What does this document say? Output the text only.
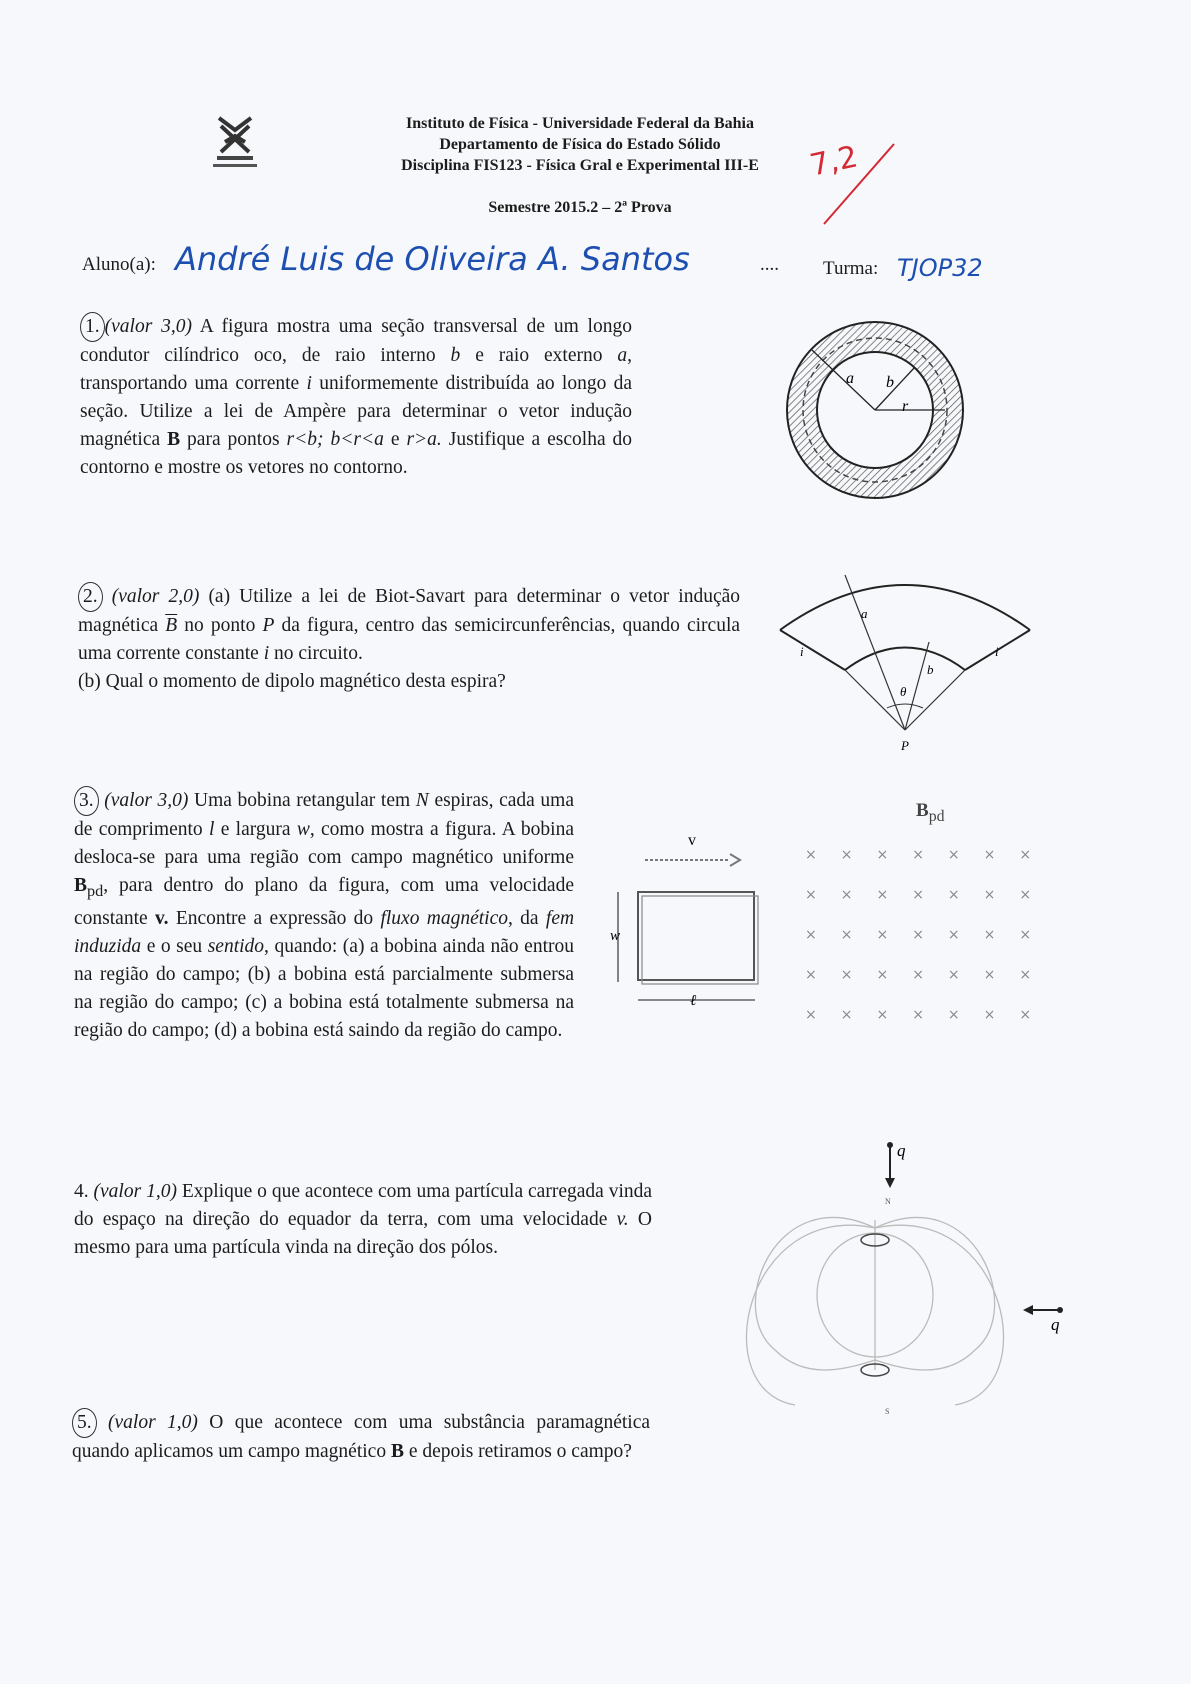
Instituto de Física - Universidade Federal da Bahia
Departamento de Física do Estado Sólido
Disciplina FIS123 - Física Gral e Experimental III-E
Semestre 2015.2 – 2ª Prova
7,2
Aluno(a): André Luis de Oliveira A. Santos	.... Turma: TJOP32
1. (valor 3,0) A figura mostra uma seção transversal de um longo condutor cilíndrico oco, de raio interno b e raio externo a, transportando uma corrente i uniformemente distribuída ao longo da seção. Utilize a lei de Ampère para determinar o vetor indução magnética B para pontos r<b; b<r<a e r>a. Justifique a escolha do contorno e mostre os vetores no contorno.
a b
r
2. (valor 2,0) (a) Utilize a lei de Biot-Savart para determinar o vetor indução magnética $\overline{B}$ no ponto P da figura, centro das semicircunferências, quando circula uma corrente constante i no circuito.
(b) Qual o momento de dipolo magnético desta espira?
a
b
θ
i	i
P
3. (valor 3,0) Uma bobina retangular tem N espiras, cada uma de comprimento l e largura w, como mostra a figura. A bobina desloca-se para uma região com campo magnético uniforme $B_{pd}$, para dentro do plano da figura, com uma velocidade constante v. Encontre a expressão do fluxo magnético, da fem induzida e o seu sentido, quando: (a) a bobina ainda não entrou na região do campo; (b) a bobina está parcialmente submersa na região do campo; (c) a bobina está totalmente submersa na região do campo; (d) a bobina está saindo da região do campo.
v
w
ℓ
$B_{pd}$
×××××××
×××××××
×××××××
×××××××
×××××××
4. (valor 1,0) Explique o que acontece com uma partícula carregada vinda do espaço na direção do equador da terra, com uma velocidade v. O mesmo para uma partícula vinda na direção dos pólos.
q
N
S
q
5. (valor 1,0) O que acontece com uma substância paramagnética quando aplicamos um campo magnético B e depois retiramos o campo?
